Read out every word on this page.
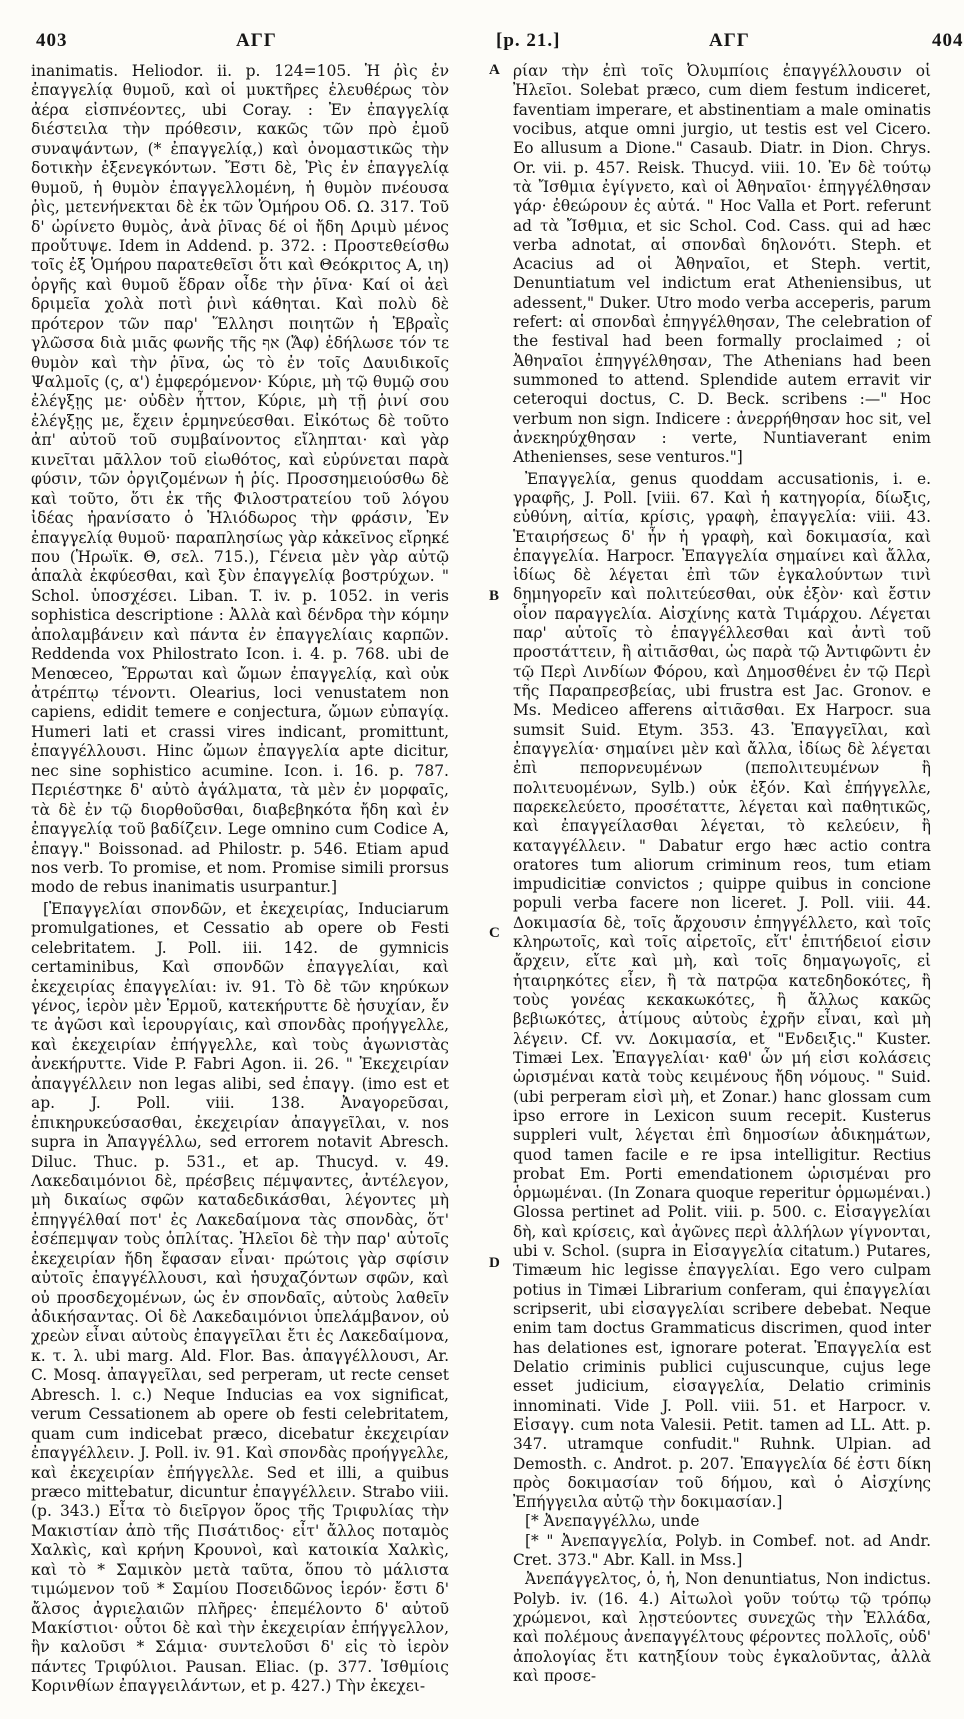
403	ΑΓΓ	[p. 21.]	ΑΓΓ	404
A
B
C
D

inanimatis. Heliodor. ii. p. 124=105. Ἡ ῥὶς ἐν ἐπαγγελίᾳ θυμοῦ, καὶ οἱ μυκτῆρες ἐλευθέρως τὸν ἀέρα εἰσπνέοντες, ubi Coray. : Ἐν ἐπαγγελίᾳ διέστειλα τὴν πρόθεσιν, κακῶς τῶν πρὸ ἐμοῦ συναψάντων, (* ἐπαγγελίᾳ,) καὶ ὀνομαστικῶς τὴν δοτικὴν ἐξενεγκόντων. Ἔστι δὲ, Ῥὶς ἐν ἐπαγγελίᾳ θυμοῦ, ἡ θυμὸν ἐπαγγελλομένη, ἡ θυμὸν πνέουσα ῥὶς, μετενήνεκται δὲ ἐκ τῶν Ὁμήρου Οδ. Ω. 317. Τοῦ δ' ὠρίνετο θυμὸς, ἀνὰ ῥῖνας δέ οἱ ἤδη Δριμὺ μένος προὔτυψε. Idem in Addend. p. 372. : Προστεθείσθω τοῖς ἐξ Ὁμήρου παρατεθεῖσι ὅτι καὶ Θεόκριτος Α, ιη) ὀργῆς καὶ θυμοῦ ἕδραν οἶδε τὴν ῥῖνα· Καί οἱ ἀεὶ δριμεῖα χολὰ ποτὶ ῥινὶ κάθηται. Καὶ πολὺ δὲ πρότερον τῶν παρ' Ἕλλησι ποιητῶν ἡ Ἑβραῒς γλῶσσα διὰ μιᾶς φωνῆς τῆς אף (Ἄφ) ἐδήλωσε τόν τε θυμὸν καὶ τὴν ῥῖνα, ὡς τὸ ἐν τοῖς Δαυιδικοῖς Ψαλμοῖς (ς, α') ἐμφερόμενον· Κύριε, μὴ τῷ θυμῷ σου ἐλέγξῃς με· οὐδὲν ἧττον, Κύριε, μὴ τῇ ῥινί σου ἐλέγξῃς με, ἔχειν ἑρμηνεύεσθαι. Εἰκότως δὲ τοῦτο ἀπ' αὐτοῦ τοῦ συμβαίνοντος εἴληπται· καὶ γὰρ κινεῖται μᾶλλον τοῦ εἰωθότος, καὶ εὐρύνεται παρὰ φύσιν, τῶν ὀργιζομένων ἡ ῥίς. Προσσημειούσθω δὲ καὶ τοῦτο, ὅτι ἐκ τῆς Φιλοστρατείου τοῦ λόγου ἰδέας ἠρανίσατο ὁ Ἡλιόδωρος τὴν φράσιν, Ἐν ἐπαγγελίᾳ θυμοῦ· παραπλησίως γὰρ κἀκεῖνος εἴρηκέ που (Ἡρωϊκ. Θ, σελ. 715.), Γένεια μὲν γὰρ αὐτῷ ἁπαλὰ ἐκφύεσθαι, καὶ ξὺν ἐπαγγελίᾳ βοστρύχων. " Schol. ὑποσχέσει. Liban. T. iv. p. 1052. in veris sophistica descriptione : Ἀλλὰ καὶ δένδρα τὴν κόμην ἀπολαμβάνειν καὶ πάντα ἐν ἐπαγγελίαις καρπῶν. Reddenda vox Philostrato Icon. i. 4. p. 768. ubi de Menœceo, Ἔρρωται καὶ ὤμων ἐπαγγελίᾳ, καὶ οὐκ ἀτρέπτῳ τένοντι. Olearius, loci venustatem non capiens, edidit temere e conjectura, ὤμων εὐπαγίᾳ. Humeri lati et crassi vires indicant, promittunt, ἐπαγγέλλουσι. Hinc ὤμων ἐπαγγελία apte dicitur, nec sine sophistico acumine. Icon. i. 16. p. 787. Περιέστηκε δ' αὐτὸ ἀγάλματα, τὰ μὲν ἐν μορφαῖς, τὰ δὲ ἐν τῷ διορθοῦσθαι, διαβεβηκότα ἤδη καὶ ἐν ἐπαγγελίᾳ τοῦ βαδίζειν. Lege omnino cum Codice A, ἐπαγγ." Boissonad. ad Philostr. p. 546. Etiam apud nos verb. To promise, et nom. Promise simili prorsus modo de rebus inanimatis usurpantur.]

[Ἐπαγγελίαι σπονδῶν, et ἐκεχειρίας, Induciarum promulgationes, et Cessatio ab opere ob Festi celebritatem. J. Poll. iii. 142. de gymnicis certaminibus, Καὶ σπονδῶν ἐπαγγελίαι, καὶ ἐκεχειρίας ἐπαγγελίαι: iv. 91. Τὸ δὲ τῶν κηρύκων γένος, ἱερὸν μὲν Ἑρμοῦ, κατεκήρυττε δὲ ἡσυχίαν, ἔν τε ἀγῶσι καὶ ἱερουργίαις, καὶ σπονδὰς προήγγελλε, καὶ ἐκεχειρίαν ἐπήγγελλε, καὶ τοὺς ἀγωνιστὰς ἀνεκήρυττε. Vide P. Fabri Agon. ii. 26. " Ἐκεχειρίαν ἀπαγγέλλειν non legas alibi, sed ἐπαγγ. (imo est et ap. J. Poll. viii. 138. Ἀναγορεῦσαι, ἐπικηρυκεύσασθαι, ἐκεχειρίαν ἀπαγγεῖλαι, v. nos supra in Ἀπαγγέλλω, sed errorem notavit Abresch. Diluc. Thuc. p. 531., et ap. Thucyd. v. 49. Λακεδαιμόνιοι δὲ, πρέσβεις πέμψαντες, ἀντέλεγον, μὴ δικαίως σφῶν καταδεδικάσθαι, λέγοντες μὴ ἐπηγγέλθαί ποτ' ἐς Λακεδαίμονα τὰς σπονδὰς, ὅτ' ἐσέπεμψαν τοὺς ὁπλίτας. Ἠλεῖοι δὲ τὴν παρ' αὐτοῖς ἐκεχειρίαν ἤδη ἔφασαν εἶναι· πρώτοις γὰρ σφίσιν αὐτοῖς ἐπαγγέλλουσι, καὶ ἡσυχαζόντων σφῶν, καὶ οὐ προσδεχομένων, ὡς ἐν σπονδαῖς, αὐτοὺς λαθεῖν ἀδικήσαντας. Οἱ δὲ Λακεδαιμόνιοι ὑπελάμβανον, οὐ χρεὼν εἶναι αὐτοὺς ἐπαγγεῖλαι ἔτι ἐς Λακεδαίμονα, κ. τ. λ. ubi marg. Ald. Flor. Bas. ἀπαγγέλλουσι, Ar. C. Mosq. ἀπαγγεῖλαι, sed perperam, ut recte censet Abresch. l. c.) Neque Inducias ea vox significat, verum Cessationem ab opere ob festi celebritatem, quam cum indicebat præco, dicebatur ἐκεχειρίαν ἐπαγγέλλειν. J. Poll. iv. 91. Καὶ σπονδὰς προήγγελλε, καὶ ἐκεχειρίαν ἐπήγγελλε. Sed et illi, a quibus præco mittebatur, dicuntur ἐπαγγέλλειν. Strabo viii. (p. 343.) Εἶτα τὸ διεῖργον ὅρος τῆς Τριφυλίας τὴν Μακιστίαν ἀπὸ τῆς Πισάτιδος· εἶτ' ἄλλος ποταμὸς Χαλκὶς, καὶ κρήνη Κρουνοὶ, καὶ κατοικία Χαλκὶς, καὶ τὸ * Σαμικὸν μετὰ ταῦτα, ὅπου τὸ μάλιστα τιμώμενον τοῦ * Σαμίου Ποσειδῶνος ἱερόν· ἔστι δ' ἄλσος ἀγριελαιῶν πλῆρες· ἐπεμέλοντο δ' αὐτοῦ Μακίστιοι· οὗτοι δὲ καὶ τὴν ἐκεχειρίαν ἐπήγγελλον, ἣν καλοῦσι * Σάμια· συντελοῦσι δ' εἰς τὸ ἱερὸν πάντες Τριφύλιοι. Pausan. Eliac. (p. 377. Ἰσθμίοις Κορινθίων ἐπαγγειλάντων, et p. 427.) Τὴν ἐκεχει-

ρίαν τὴν ἐπὶ τοῖς Ὀλυμπίοις ἐπαγγέλλουσιν οἱ Ἠλεῖοι. Solebat præco, cum diem festum indiceret, faventiam imperare, et abstinentiam a male ominatis vocibus, atque omni jurgio, ut testis est vel Cicero. Eo allusum a Dione." Casaub. Diatr. in Dion. Chrys. Or. vii. p. 457. Reisk. Thucyd. viii. 10. Ἐν δὲ τούτῳ τὰ Ἴσθμια ἐγίγνετο, καὶ οἱ Ἀθηναῖοι· ἐπηγγέλθησαν γάρ· ἐθεώρουν ἐς αὐτά. " Hoc Valla et Port. referunt ad τὰ Ἴσθμια, et sic Schol. Cod. Cass. qui ad hæc verba adnotat, αἱ σπονδαὶ δηλονότι. Steph. et Acacius ad οἱ Ἀθηναῖοι, et Steph. vertit, Denuntiatum vel indictum erat Atheniensibus, ut adessent," Duker. Utro modo verba acceperis, parum refert: αἱ σπονδαὶ ἐπηγγέλθησαν, The celebration of the festival had been formally proclaimed ; οἱ Ἀθηναῖοι ἐπηγγέλθησαν, The Athenians had been summoned to attend. Splendide autem erravit vir ceteroqui doctus, C. D. Beck. scribens :—" Hoc verbum non sign. Indicere : ἀνερρήθησαν hoc sit, vel ἀνεκηρύχθησαν : verte, Nuntiaverant enim Athenienses, sese venturos."]

Ἐπαγγελία, genus quoddam accusationis, i. e. γραφῆς, J. Poll. [viii. 67. Καὶ ἡ κατηγορία, δίωξις, εὐθύνη, αἰτία, κρίσις, γραφὴ, ἐπαγγελία: viii. 43. Ἑταιρήσεως δ' ἦν ἡ γραφὴ, καὶ δοκιμασία, καὶ ἐπαγγελία. Harpocr. Ἐπαγγελία σημαίνει καὶ ἄλλα, ἰδίως δὲ λέγεται ἐπὶ τῶν ἐγκαλούντων τινὶ δημηγορεῖν καὶ πολιτεύεσθαι, οὐκ ἐξὸν· καὶ ἔστιν οἷον παραγγελία. Αἰσχίνης κατὰ Τιμάρχου. Λέγεται παρ' αὐτοῖς τὸ ἐπαγγέλλεσθαι καὶ ἀντὶ τοῦ προστάττειν, ἢ αἰτιᾶσθαι, ὡς παρὰ τῷ Ἀντιφῶντι ἐν τῷ Περὶ Λινδίων Φόρου, καὶ Δημοσθένει ἐν τῷ Περὶ τῆς Παραπρεσβείας, ubi frustra est Jac. Gronov. e Ms. Mediceo afferens αἰτιᾶσθαι. Ex Harpocr. sua sumsit Suid. Etym. 353. 43. Ἐπαγγεῖλαι, καὶ ἐπαγγελία· σημαίνει μὲν καὶ ἄλλα, ἰδίως δὲ λέγεται ἐπὶ πεπορνευμένων (πεπολιτευμένων ἢ πολιτευομένων, Sylb.) οὐκ ἐξόν. Καὶ ἐπήγγελλε, παρεκελεύετο, προσέταττε, λέγεται καὶ παθητικῶς, καὶ ἐπαγγείλασθαι λέγεται, τὸ κελεύειν, ἢ καταγγέλλειν. " Dabatur ergo hæc actio contra oratores tum aliorum criminum reos, tum etiam impudicitiæ convictos ; quippe quibus in concione populi verba facere non liceret. J. Poll. viii. 44. Δοκιμασία δὲ, τοῖς ἄρχουσιν ἐπηγγέλλετο, καὶ τοῖς κληρωτοῖς, καὶ τοῖς αἱρετοῖς, εἴτ' ἐπιτήδειοί εἰσιν ἄρχειν, εἴτε καὶ μὴ, καὶ τοῖς δημαγωγοῖς, εἰ ἡταιρηκότες εἶεν, ἢ τὰ πατρῷα κατεδηδοκότες, ἢ τοὺς γονέας κεκακωκότες, ἢ ἄλλως κακῶς βεβιωκότες, ἀτίμους αὐτοὺς ἐχρῆν εἶναι, καὶ μὴ λέγειν. Cf. vv. Δοκιμασία, et "Ενδειξις." Kuster. Timæi Lex. Ἐπαγγελίαι· καθ' ὧν μή εἰσι κολάσεις ὡρισμέναι κατὰ τοὺς κειμένους ἤδη νόμους. " Suid. (ubi perperam εἰσὶ μὴ, et Zonar.) hanc glossam cum ipso errore in Lexicon suum recepit. Kusterus suppleri vult, λέγεται ἐπὶ δημοσίων ἀδικημάτων, quod tamen facile e re ipsa intelligitur. Rectius probat Em. Porti emendationem ὡρισμέναι pro ὁρμωμέναι. (In Zonara quoque reperitur ὁρμωμέναι.) Glossa pertinet ad Polit. viii. p. 500. c. Εἰσαγγελίαι δὴ, καὶ κρίσεις, καὶ ἀγῶνες περὶ ἀλλήλων γίγνονται, ubi v. Schol. (supra in Εἰσαγγελία citatum.) Putares, Timæum hic legisse ἐπαγγελίαι. Ego vero culpam potius in Timæi Librarium conferam, qui ἐπαγγελίαι scripserit, ubi εἰσαγγελίαι scribere debebat. Neque enim tam doctus Grammaticus discrimen, quod inter has delationes est, ignorare poterat. Ἐπαγγελία est Delatio criminis publici cujuscunque, cujus lege esset judicium, εἰσαγγελία, Delatio criminis innominati. Vide J. Poll. viii. 51. et Harpocr. v. Εἰσαγγ. cum nota Valesii. Petit. tamen ad LL. Att. p. 347. utramque confudit." Ruhnk. Ulpian. ad Demosth. c. Androt. p. 207. Ἐπαγγελία δέ ἐστι δίκη πρὸς δοκιμασίαν τοῦ δήμου, καὶ ὁ Αἰσχίνης Ἐπήγγειλα αὐτῷ τὴν δοκιμασίαν.]

[* Ἀνεπαγγέλλω, unde

[* " Ἀνεπαγγελία, Polyb. in Combef. not. ad Andr. Cret. 373." Abr. Kall. in Mss.]

Ἀνεπάγγελτος, ὁ, ἡ, Non denuntiatus, Non indictus. Polyb. iv. (16. 4.) Αἰτωλοὶ γοῦν τούτῳ τῷ τρόπῳ χρώμενοι, καὶ λῃστεύοντες συνεχῶς τὴν Ἑλλάδα, καὶ πολέμους ἀνεπαγγέλτους φέροντες πολλοῖς, οὐδ' ἀπολογίας ἔτι κατηξίουν τοὺς ἐγκαλοῦντας, ἀλλὰ καὶ προσε-
